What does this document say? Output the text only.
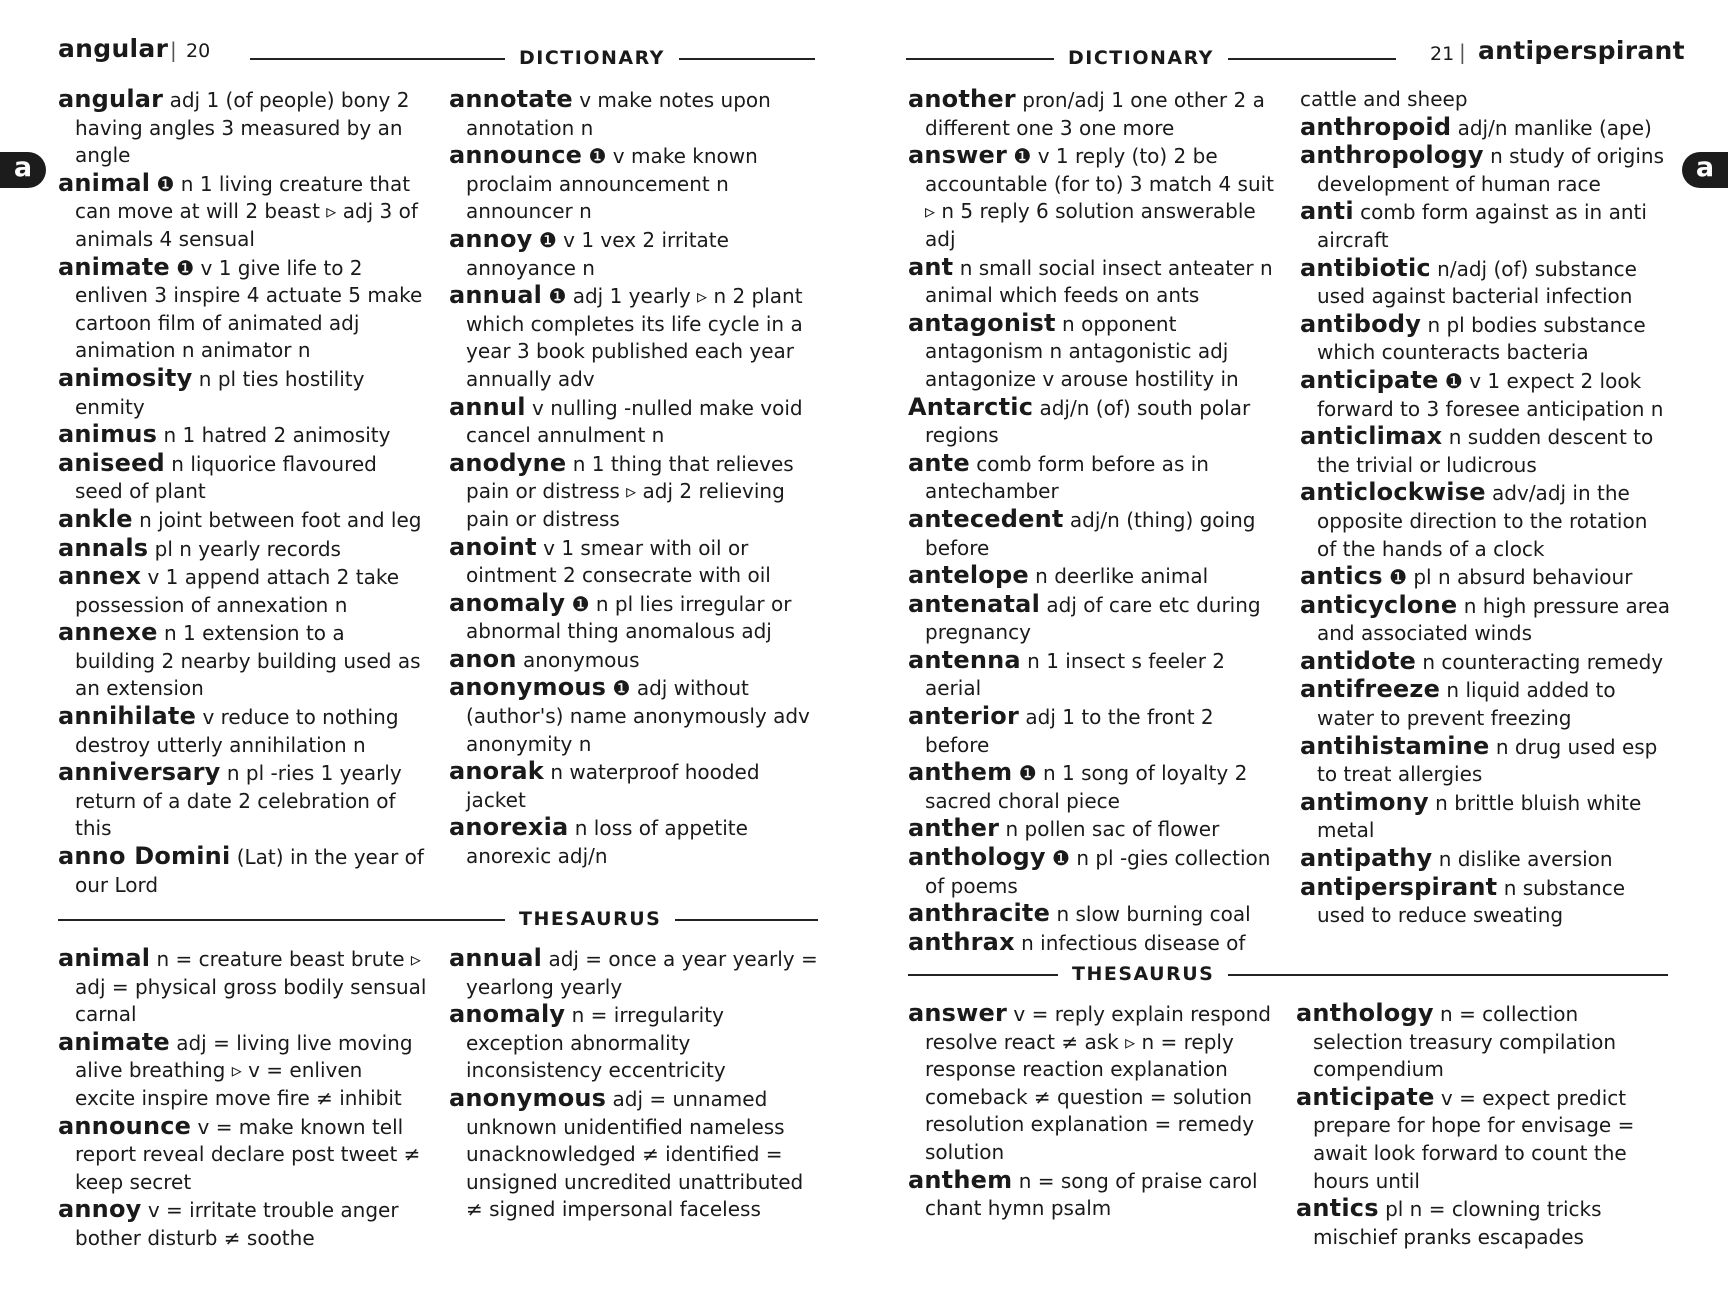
angular | 20	DICTIONARY	DICTIONARY	21 | antiperspirant
a	a

angular adj 1 (of people) bony 2 having angles 3 measured by an angle

animal ❶ n 1 living creature that can move at will 2 beast ▹ adj 3 of animals 4 sensual

animate ❶ v 1 give life to 2 enliven 3 inspire 4 actuate 5 make cartoon film of animated adj animation n animator n

animosity n pl ties hostility enmity

animus n 1 hatred 2 animosity

aniseed n liquorice flavoured seed of plant

ankle n joint between foot and leg

annals pl n yearly records

annex v 1 append attach 2 take possession of annexation n

annexe n 1 extension to a building 2 nearby building used as an extension

annihilate v reduce to nothing destroy utterly annihilation n

anniversary n pl -ries 1 yearly return of a date 2 celebration of this

anno Domini (Lat) in the year of our Lord

annotate v make notes upon annotation n

announce ❶ v make known proclaim announcement n announcer n

annoy ❶ v 1 vex 2 irritate annoyance n

annual ❶ adj 1 yearly ▹ n 2 plant which completes its life cycle in a year 3 book published each year annually adv

annul v nulling -nulled make void cancel annulment n

anodyne n 1 thing that relieves pain or distress ▹ adj 2 relieving pain or distress

anoint v 1 smear with oil or ointment 2 consecrate with oil

anomaly ❶ n pl lies irregular or abnormal thing anomalous adj

anon anonymous

anonymous ❶ adj without (author's) name anonymously adv anonymity n

anorak n waterproof hooded jacket

anorexia n loss of appetite anorexic adj/n

THESAURUS

animal n = creature beast brute ▹ adj = physical gross bodily sensual carnal

animate adj = living live moving alive breathing ▹ v = enliven excite inspire move fire ≠ inhibit

announce v = make known tell report reveal declare post tweet ≠ keep secret

annoy v = irritate trouble anger bother disturb ≠ soothe

annual adj = once a year yearly = yearlong yearly

anomaly n = irregularity exception abnormality inconsistency eccentricity

anonymous adj = unnamed unknown unidentified nameless unacknowledged ≠ identified = unsigned uncredited unattributed ≠ signed impersonal faceless

another pron/adj 1 one other 2 a different one 3 one more

answer ❶ v 1 reply (to) 2 be accountable (for to) 3 match 4 suit ▹ n 5 reply 6 solution answerable adj

ant n small social insect anteater n animal which feeds on ants

antagonist n opponent antagonism n antagonistic adj antagonize v arouse hostility in

Antarctic adj/n (of) south polar regions

ante comb form before as in antechamber

antecedent adj/n (thing) going before

antelope n deerlike animal

antenatal adj of care etc during pregnancy

antenna n 1 insect s feeler 2 aerial

anterior adj 1 to the front 2 before

anthem ❶ n 1 song of loyalty 2 sacred choral piece

anther n pollen sac of flower

anthology ❶ n pl -gies collection of poems

anthracite n slow burning coal

anthrax n infectious disease of

cattle and sheep

anthropoid adj/n manlike (ape)

anthropology n study of origins development of human race

anti comb form against as in anti aircraft

antibiotic n/adj (of) substance used against bacterial infection

antibody n pl bodies substance which counteracts bacteria

anticipate ❶ v 1 expect 2 look forward to 3 foresee anticipation n

anticlimax n sudden descent to the trivial or ludicrous

anticlockwise adv/adj in the opposite direction to the rotation of the hands of a clock

antics ❶ pl n absurd behaviour

anticyclone n high pressure area and associated winds

antidote n counteracting remedy

antifreeze n liquid added to water to prevent freezing

antihistamine n drug used esp to treat allergies

antimony n brittle bluish white metal

antipathy n dislike aversion

antiperspirant n substance used to reduce sweating

THESAURUS

answer v = reply explain respond resolve react ≠ ask ▹ n = reply response reaction explanation comeback ≠ question = solution resolution explanation = remedy solution

anthem n = song of praise carol chant hymn psalm

anthology n = collection selection treasury compilation compendium

anticipate v = expect predict prepare for hope for envisage = await look forward to count the hours until

antics pl n = clowning tricks mischief pranks escapades
